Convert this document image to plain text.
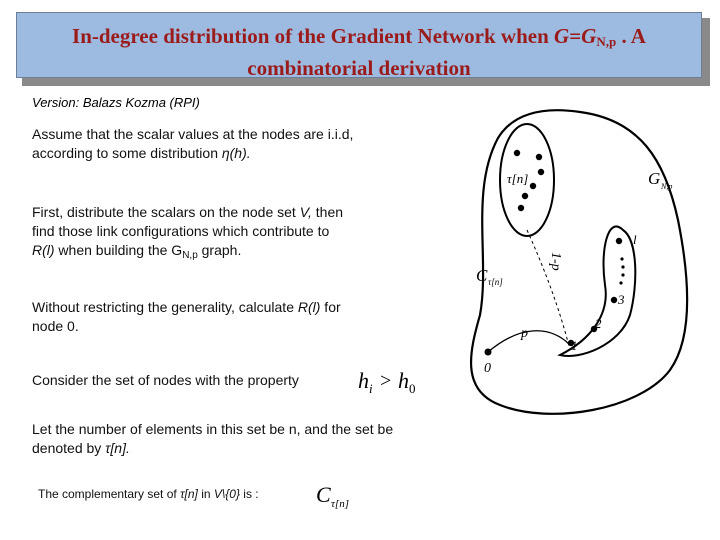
In-degree distribution of the Gradient Network when $G=G_{N,p}$ . A
combinatorial derivation
Version: Balazs Kozma (RPI)
Assume that the scalar values at the nodes are i.i.d,
according to some distribution η(h).
First, distribute the scalars on the node set V, then
find those link configurations which contribute to
R(l) when building the $G_{N,p}$ graph.
Without restricting the generality, calculate R(l) for
node 0.
Consider the set of nodes with the property	h i > h 0
Let the number of elements in this set be n, and the set be
denoted by τ[n].
The complementary set of τ[n] in V\{0} is :	C τ[n]
τ[n]	G N,p
C τ[n]
1-p
p
0
1
2
3
l
